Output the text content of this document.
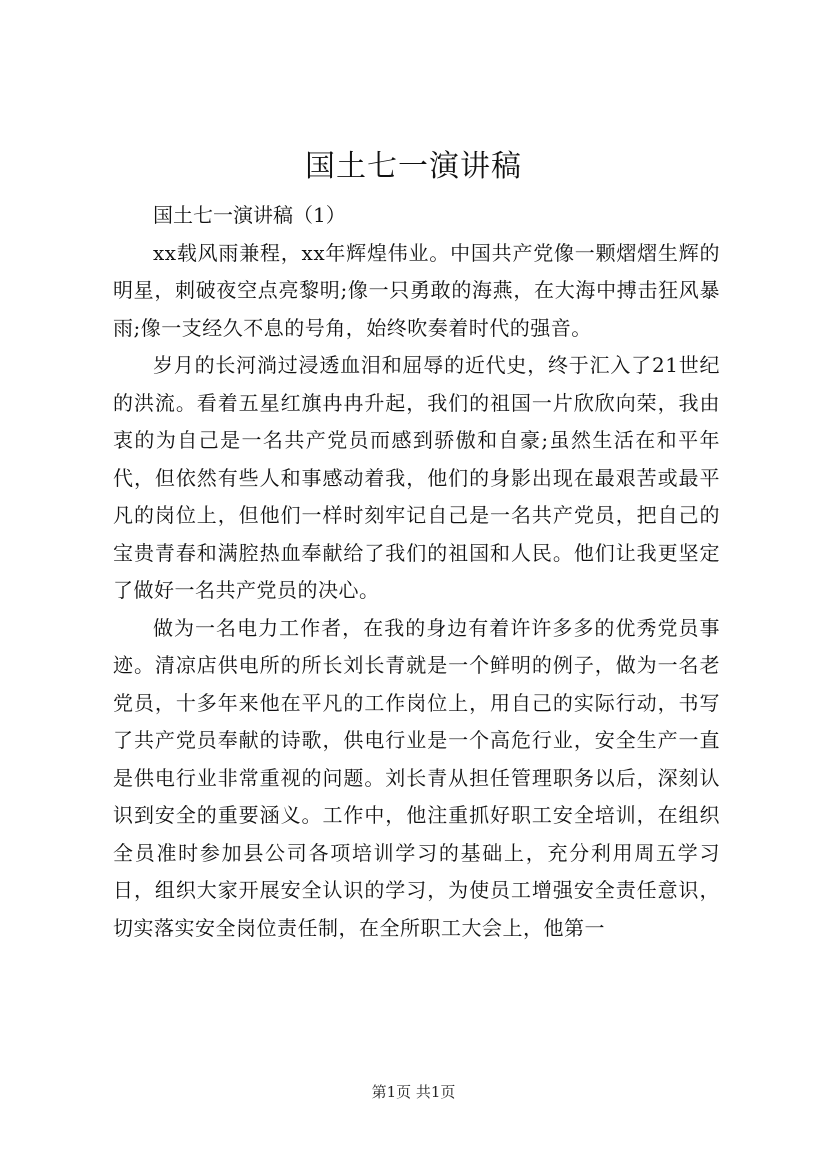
国土七一演讲稿

国土七一演讲稿（1）

xx载风雨兼程，xx年辉煌伟业。中国共产党像一颗熠熠生辉的明星，刺破夜空点亮黎明;像一只勇敢的海燕，在大海中搏击狂风暴雨;像一支经久不息的号角，始终吹奏着时代的强音。

岁月的长河淌过浸透血泪和屈辱的近代史，终于汇入了21世纪的洪流。看着五星红旗冉冉升起，我们的祖国一片欣欣向荣，我由衷的为自己是一名共产党员而感到骄傲和自豪;虽然生活在和平年代，但依然有些人和事感动着我，他们的身影出现在最艰苦或最平凡的岗位上，但他们一样时刻牢记自己是一名共产党员，把自己的宝贵青春和满腔热血奉献给了我们的祖国和人民。他们让我更坚定了做好一名共产党员的决心。

做为一名电力工作者，在我的身边有着许许多多的优秀党员事迹。清凉店供电所的所长刘长青就是一个鲜明的例子，做为一名老党员，十多年来他在平凡的工作岗位上，用自己的实际行动，书写了共产党员奉献的诗歌，供电行业是一个高危行业，安全生产一直是供电行业非常重视的问题。刘长青从担任管理职务以后，深刻认识到安全的重要涵义。工作中，他注重抓好职工安全培训，在组织全员准时参加县公司各项培训学习的基础上，充分利用周五学习日，组织大家开展安全认识的学习，为使员工增强安全责任意识，切实落实安全岗位责任制，在全所职工大会上，他第一

第1页 共1页
